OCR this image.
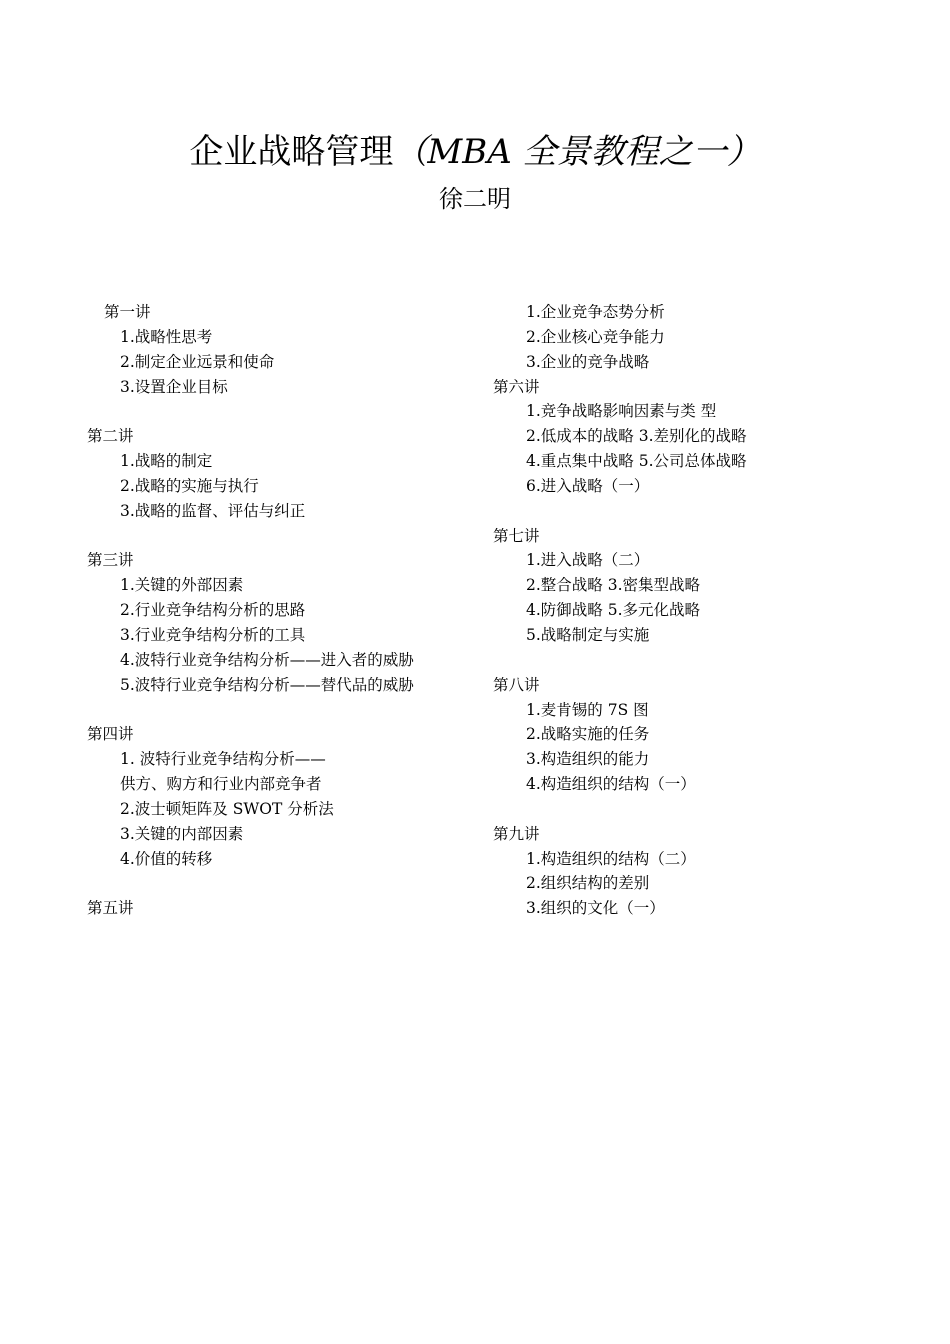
企业战略管理（MBA 全景教程之一）
徐二明
第一讲
1.战略性思考
2.制定企业远景和使命
3.设置企业目标
第二讲
1.战略的制定
2.战略的实施与执行
3.战略的监督、评估与纠正
第三讲
1.关键的外部因素
2.行业竞争结构分析的思路
3.行业竞争结构分析的工具
4.波特行业竞争结构分析——进入者的威胁
5.波特行业竞争结构分析——替代品的威胁
第四讲
1. 波特行业竞争结构分析——
供方、购方和行业内部竞争者
2.波士顿矩阵及 SWOT 分析法
3.关键的内部因素
4.价值的转移
第五讲
1.企业竞争态势分析
2.企业核心竞争能力
3.企业的竞争战略
第六讲
1.竞争战略影响因素与类 型
2.低成本的战略 3.差别化的战略
4.重点集中战略 5.公司总体战略
6.进入战略（一）
第七讲
1.进入战略（二）
2.整合战略 3.密集型战略
4.防御战略 5.多元化战略
5.战略制定与实施
第八讲
1.麦肯锡的 7S 图
2.战略实施的任务
3.构造组织的能力
4.构造组织的结构（一）
第九讲
1.构造组织的结构（二）
2.组织结构的差别
3.组织的文化（一）
